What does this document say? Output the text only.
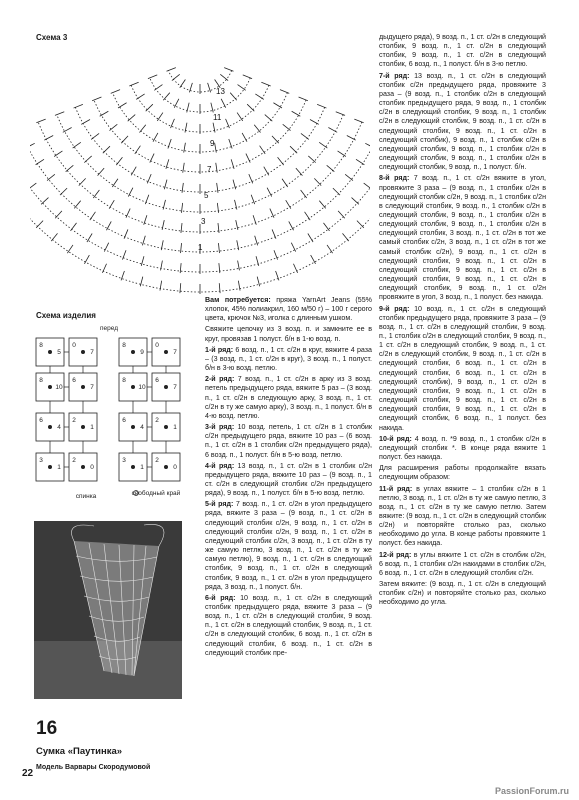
Схема 3
13
11
9
7
5
3
1
Схема изделия
перед
8
5
0
7
8
9
0
7
8
10
6
7
8
10
6
7
6
4
2
1
6
4
2
1
3
1
2
0
3
1
2
0
спинка	свободный край
16
Сумка «Паутинка»
Модель Варвары Скородумовой
22

Вам потребуется: пряжа YarnArt Jeans (55% хлопок, 45% полиакрил, 160 м/50 г) – 100 г серого цвета, крючок №3, иголка с длинным ушком.

Свяжите цепочку из 3 возд. п. и замкните ее в круг, провязав 1 полуст. б/н в 1-ю возд. п.

1-й ряд: 6 возд. п., 1 ст. с/2н в круг, вяжите 4 раза – (3 возд. п., 1 ст. с/2н в круг), 3 возд. п., 1 полуст. б/н в 3-ю возд. петлю.

2-й ряд: 7 возд. п., 1 ст. с/2н в арку из 3 возд. петель предыдущего ряда, вяжите 5 раз – (3 возд. п., 1 ст. с/2н в следующую арку, 3 возд. п., 1 ст. с/2н в ту же самую арку), 3 возд. п., 1 полуст. б/н в 4-ю возд. петлю.

3-й ряд: 10 возд. петель, 1 ст. с/2н в 1 столбик с/2н предыдущего ряда, вяжите 10 раз – (6 возд. п., 1 ст. с/2н в 1 столбик с/2н предыдущего ряда), 6 возд. п., 1 полуст. б/н в 5-ю возд. петлю.

4-й ряд: 13 возд. п., 1 ст. с/2н в 1 столбик с/2н предыдущего ряда, вяжите 10 раз – (9 возд. п., 1 ст. с/2н в следующий столбик с/2н предыдущего ряда), 9 возд. п., 1 полуст. б/н в 5-ю возд. петлю.

5-й ряд: 7 возд. п., 1 ст. с/2н в угол предыдущего ряда, вяжите 3 раза – (9 возд. п., 1 ст. с/2н в следующий столбик с/2н, 9 возд. п., 1 ст. с/2н в следующий столбик с/2н, 9 возд. п., 1 ст. с/2н в следующий столбик с/2н, 3 возд. п., 1 ст. с/2н в ту же самую петлю, 3 возд. п., 1 ст. с/2н в ту же самую петлю), 9 возд. п., 1 ст. с/2н в следующий столбик, 9 возд. п., 1 ст. с/2н в следующий столбик, 9 возд. п., 1 ст. с/2н в угол предыдущего ряда, 3 возд. п., 1 полуст. б/н.

6-й ряд: 10 возд. п., 1 ст. с/2н в следующий столбик предыдущего ряда, вяжите 3 раза – (9 возд. п., 1 ст. с/2н в следующий столбик, 9 возд. п., 1 ст. с/2н в следующий столбик, 9 возд. п., 1 ст. с/2н в следующий столбик, 6 возд. п., 1 ст. с/2н в следующий столбик, 6 возд. п., 1 ст. с/2н в следующий столбик пре-

дыдущего ряда), 9 возд. п., 1 ст. с/2н в следующий столбик, 9 возд. п., 1 ст. с/2н в следующий столбик, 9 возд. п., 1 ст. с/2н в следующий столбик, 6 возд. п., 1 полуст. б/н в 3-ю петлю.

7-й ряд: 13 возд. п., 1 ст. с/2н в следующий столбик с/2н предыдущего ряда, провяжите 3 раза – (9 возд. п., 1 столбик с/2н в следующий столбик предыдущего ряда, 9 возд. п., 1 столбик с/2н в следующий столбик, 9 возд. п., 1 столбик с/2н в следующий столбик, 9 возд. п., 1 ст. с/2н в следующий столбик, 9 возд. п., 1 ст. с/2н в следующий столбик), 9 возд. п., 1 столбик с/2н в следующий столбик, 9 возд. п., 1 столбик с/2н в следующий столбик, 9 возд. п., 1 столбик с/2н в следующий столбик, 9 возд. п., 1 полуст. б/н.

8-й ряд: 7 возд. п., 1 ст. с/2н вяжите в угол, провяжите 3 раза – (9 возд. п., 1 столбик с/2н в следующий столбик с/2н, 9 возд. п., 1 столбик с/2н в следующий столбик, 9 возд. п., 1 столбик с/2н в следующий столбик, 9 возд. п., 1 столбик с/2н в следующий столбик, 9 возд. п., 1 столбик с/2н в следующий столбик, 3 возд. п., 1 ст. с/2н в тот же самый столбик с/2н, 3 возд. п., 1 ст. с/2н в тот же самый столбик с/2н), 9 возд. п., 1 ст. с/2н в следующий столбик, 9 возд. п., 1 ст. с/2н в следующий столбик, 9 возд. п., 1 ст. с/2н в следующий столбик, 9 возд. п., 1 ст. с/2н в следующий столбик, 9 возд. п., 1 ст. с/2н провяжите в угол, 3 возд. п., 1 полуст. без накида.

9-й ряд: 10 возд. п., 1 ст. с/2н в следующий столбик предыдущего ряда, провяжите 3 раза – (9 возд. п., 1 ст. с/2н в следующий столбик, 9 возд. п., 1 столбик с/2н в следующий столбик, 9 возд. п., 1 ст. с/2н в следующий столбик, 9 возд. п., 1 ст. с/2н в следующий столбик, 9 возд. п., 1 ст. с/2н в следующий столбик, 6 возд. п., 1 ст. с/2н в следующий столбик, 6 возд. п., 1 ст. с/2н в следующий столбик), 9 возд. п., 1 ст. с/2н в следующий столбик, 9 возд. п., 1 ст. с/2н в следующий столбик, 9 возд. п., 1 ст. с/2н в следующий столбик, 9 возд. п., 1 ст. с/2н в следующий столбик, 6 возд. п., 1 полуст. без накида.

10-й ряд: 4 возд. п. *9 возд. п., 1 столбик с/2н в следующий столбик *. В конце ряда вяжите 1 полуст. без накида.

Для расширения работы продолжайте вязать следующим образом:

11-й ряд: в углах вяжите – 1 столбик с/2н в 1 петлю, 3 возд. п., 1 ст. с/2н в ту же самую петлю, 3 возд. п., 1 ст. с/2н в ту же самую петлю. Затем вяжите: (9 возд. п., 1 ст. с/2н в следующий столбик с/2н) и повторяйте столько раз, сколько необходимо до угла. В конце работы провяжите 1 полуст. без накида.

12-й ряд: в углы вяжите 1 ст. с/2н в столбик с/2н, 6 возд. п., 1 столбик с/2н накидами в столбик с/2н, 6 возд. п., 1 ст. с/2н в следующий столбик с/2н.

Затем вяжите: (9 возд. п., 1 ст. с/2н в следующий столбик с/2н) и повторяйте столько раз, сколько необходимо до угла.

PassionForum.ru
